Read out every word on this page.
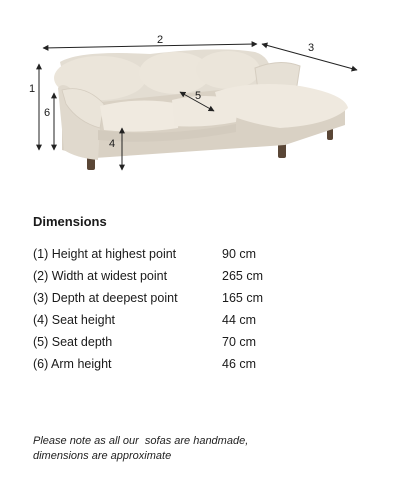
2
3
1
6
4
5
Dimensions
(1) Height at highest point	90 cm
(2) Width at widest point	265 cm
(3) Depth at deepest point	165 cm
(4) Seat height	44 cm
(5) Seat depth	70 cm
(6) Arm height	46 cm
Please note as all our  sofas are handmade,
dimensions are approximate
